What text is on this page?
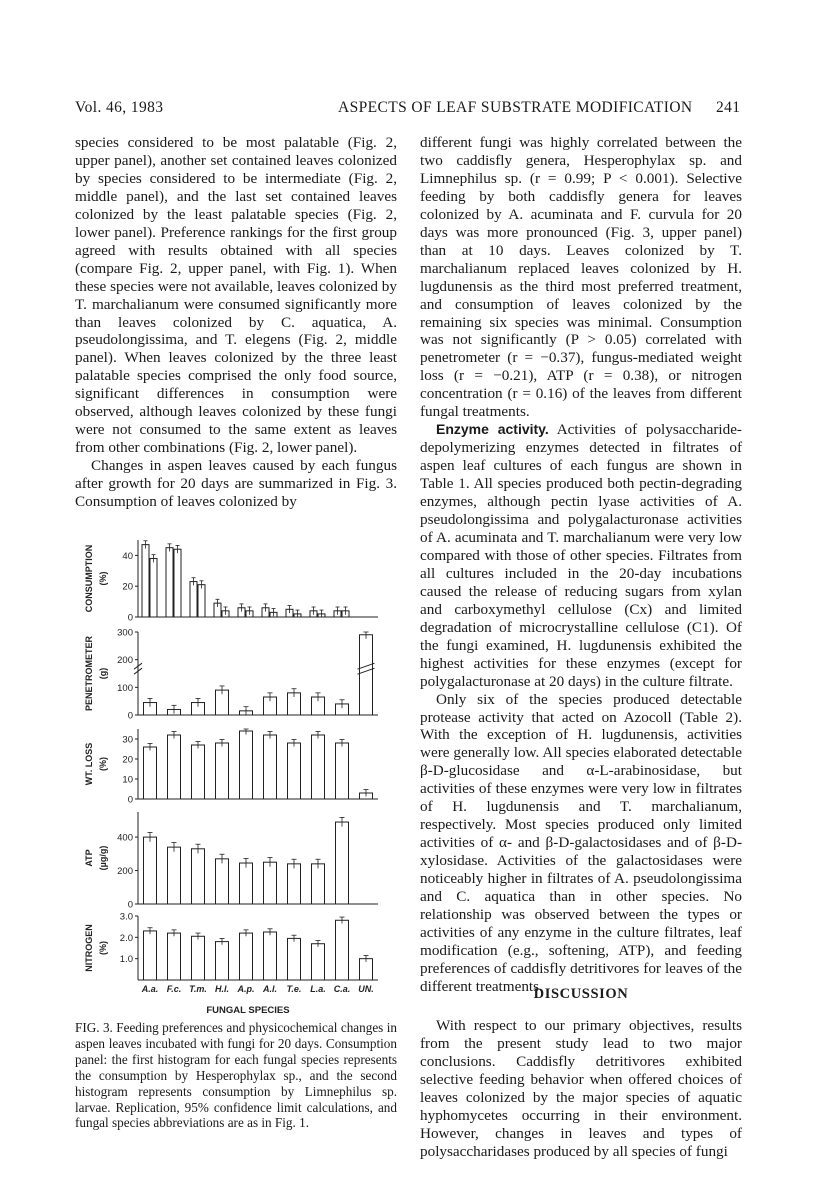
Vol. 46, 1983	ASPECTS OF LEAF SUBSTRATE MODIFICATION 241

species considered to be most palatable (Fig. 2, upper panel), another set contained leaves colonized by species considered to be intermediate (Fig. 2, middle panel), and the last set contained leaves colonized by the least palatable species (Fig. 2, lower panel). Preference rankings for the first group agreed with results obtained with all species (compare Fig. 2, upper panel, with Fig. 1). When these species were not available, leaves colonized by T. marchalianum were consumed significantly more than leaves colonized by C. aquatica, A. pseudolongissima, and T. elegens (Fig. 2, middle panel). When leaves colonized by the three least palatable species comprised the only food source, significant differences in consumption were observed, although leaves colonized by these fungi were not consumed to the same extent as leaves from other combinations (Fig. 2, lower panel).

Changes in aspen leaves caused by each fungus after growth for 20 days are summarized in Fig. 3. Consumption of leaves colonized by

different fungi was highly correlated between the two caddisfly genera, Hesperophylax sp. and Limnephilus sp. (r = 0.99; P < 0.001). Selective feeding by both caddisfly genera for leaves colonized by A. acuminata and F. curvula for 20 days was more pronounced (Fig. 3, upper panel) than at 10 days. Leaves colonized by T. marchalianum replaced leaves colonized by H. lugdunensis as the third most preferred treatment, and consumption of leaves colonized by the remaining six species was minimal. Consumption was not significantly (P > 0.05) correlated with penetrometer (r = −0.37), fungus-mediated weight loss (r = −0.21), ATP (r = 0.38), or nitrogen concentration (r = 0.16) of the leaves from different fungal treatments.

Enzyme activity. Activities of polysaccharide-depolymerizing enzymes detected in filtrates of aspen leaf cultures of each fungus are shown in Table 1. All species produced both pectin-degrading enzymes, although pectin lyase activities of A. pseudolongissima and polygalacturonase activities of A. acuminata and T. marchalianum were very low compared with those of other species. Filtrates from all cultures included in the 20-day incubations caused the release of reducing sugars from xylan and carboxymethyl cellulose (Cx) and limited degradation of microcrystalline cellulose (C1). Of the fungi examined, H. lugdunensis exhibited the highest activities for these enzymes (except for polygalacturonase at 20 days) in the culture filtrate.

Only six of the species produced detectable protease activity that acted on Azocoll (Table 2). With the exception of H. lugdunensis, activities were generally low. All species elaborated detectable β-D-glucosidase and α-L-arabinosidase, but activities of these enzymes were very low in filtrates of H. lugdunensis and T. marchalianum, respectively. Most species produced only limited activities of α- and β-D-galactosidases and of β-D-xylosidase. Activities of the galactosidases were noticeably higher in filtrates of A. pseudolongissima and C. aquatica than in other species. No relationship was observed between the types or activities of any enzyme in the culture filtrates, leaf modification (e.g., softening, ATP), and feeding preferences of caddisfly detritivores for leaves of the different treatments.

0
20
40
CONSUMPTION (%)
0
100
200
300
PENETROMETER (g)
0
10
20
30
WT. LOSS (%)
0
200
400
ATP (µg/g)
1.0
2.0
3.0
NITROGEN (%)
A.a. F.c. T.m. H.l. A.p. A.l. T.e. L.a. C.a. UN.
FUNGAL SPECIES
FIG. 3. Feeding preferences and physicochemical changes in aspen leaves incubated with fungi for 20 days. Consumption panel: the first histogram for each fungal species represents the consumption by Hesperophylax sp., and the second histogram represents consumption by Limnephilus sp. larvae. Replication, 95% confidence limit calculations, and fungal species abbreviations are as in Fig. 1.
DISCUSSION

With respect to our primary objectives, results from the present study lead to two major conclusions. Caddisfly detritivores exhibited selective feeding behavior when offered choices of leaves colonized by the major species of aquatic hyphomycetes occurring in their environment. However, changes in leaves and types of polysaccharidases produced by all species of fungi
